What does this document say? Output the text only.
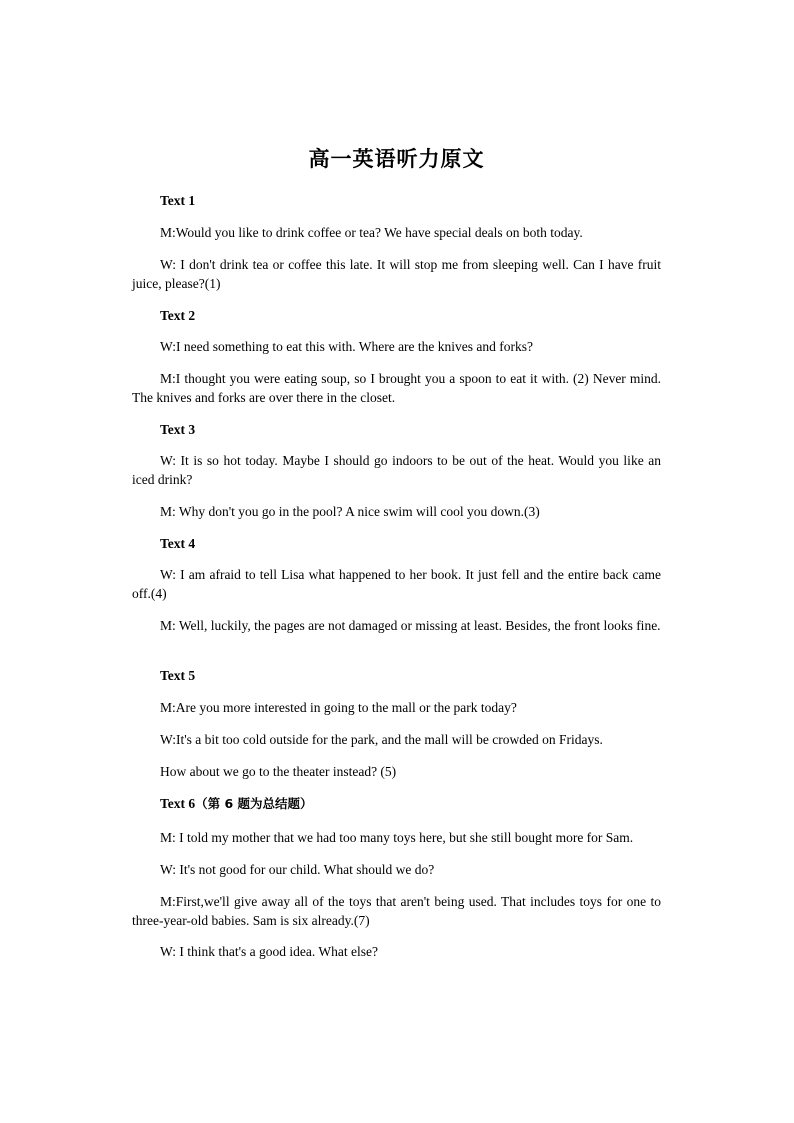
高一英语听力原文
Text 1
M:Would you like to drink coffee or tea? We have special deals on both today.
W: I don't drink tea or coffee this late. It will stop me from sleeping well. Can I have fruit juice, please?(1)
Text 2
W:I need something to eat this with. Where are the knives and forks?
M:I thought you were eating soup, so I brought you a spoon to eat it with. (2) Never mind. The knives and forks are over there in the closet.
Text 3
W: It is so hot today. Maybe I should go indoors to be out of the heat. Would you like an iced drink?
M: Why don't you go in the pool? A nice swim will cool you down.(3)
Text 4
W: I am afraid to tell Lisa what happened to her book. It just fell and the entire back came off.(4)
M: Well, luckily, the pages are not damaged or missing at least. Besides, the front looks fine.
Text 5
M:Are you more interested in going to the mall or the park today?
W:It's a bit too cold outside for the park, and the mall will be crowded on Fridays.
How about we go to the theater instead? (5)
Text 6（第 6 题为总结题）
M: I told my mother that we had too many toys here, but she still bought more for Sam.
W: It's not good for our child. What should we do?
M:First,we'll give away all of the toys that aren't being used. That includes toys for one to three-year-old babies. Sam is six already.(7)
W: I think that's a good idea. What else?
